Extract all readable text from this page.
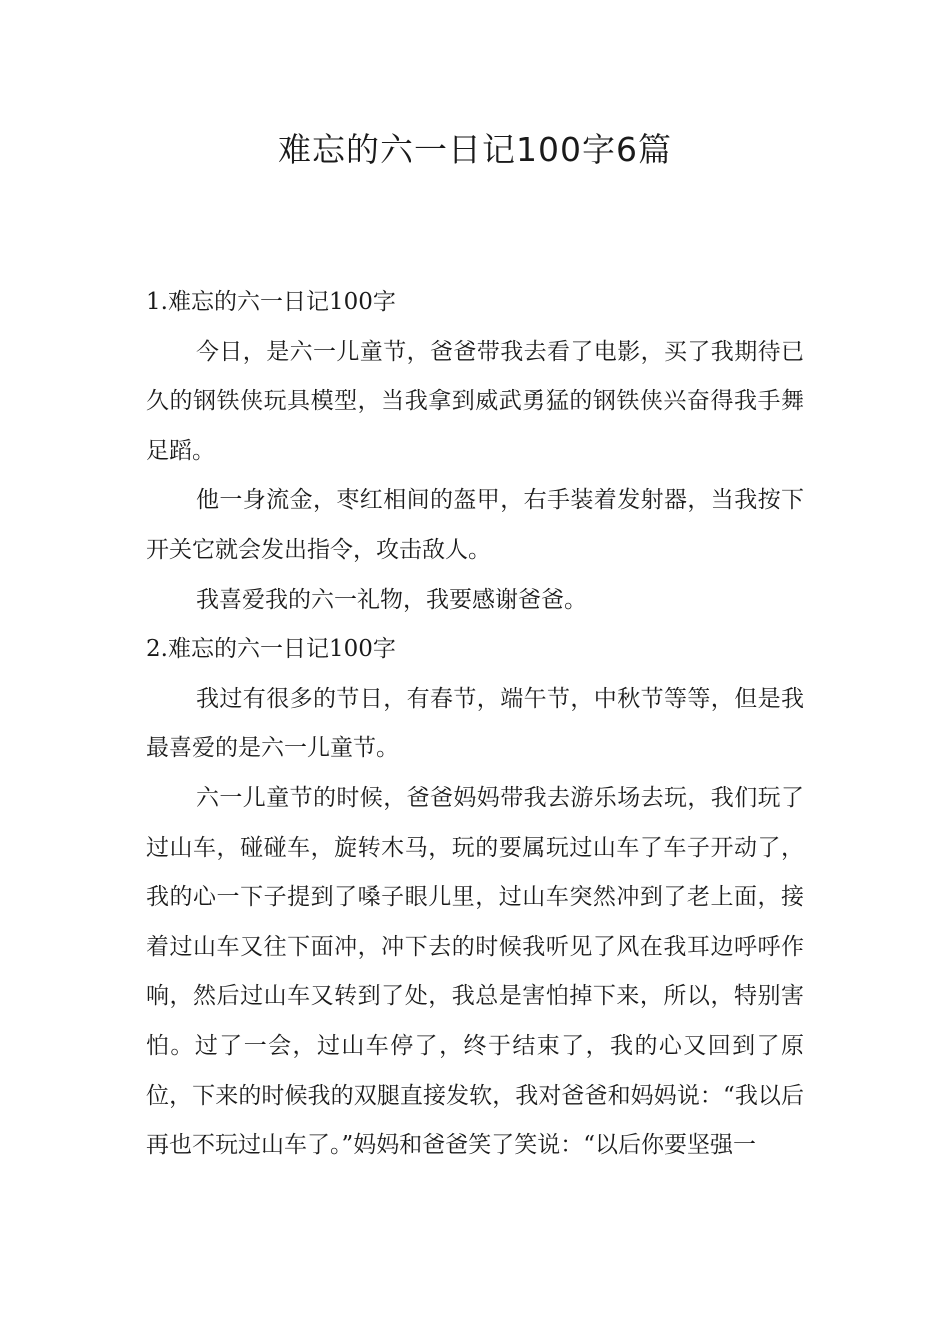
难忘的六一日记100字6篇

1.难忘的六一日记100字

今日，是六一儿童节，爸爸带我去看了电影，买了我期待已久的钢铁侠玩具模型，当我拿到威武勇猛的钢铁侠兴奋得我手舞足蹈。

他一身流金，枣红相间的盔甲，右手装着发射器，当我按下开关它就会发出指令，攻击敌人。

我喜爱我的六一礼物，我要感谢爸爸。

2.难忘的六一日记100字

我过有很多的节日，有春节，端午节，中秋节等等，但是我最喜爱的是六一儿童节。

六一儿童节的时候，爸爸妈妈带我去游乐场去玩，我们玩了过山车，碰碰车，旋转木马，玩的要属玩过山车了车子开动了，我的心一下子提到了嗓子眼儿里，过山车突然冲到了老上面，接着过山车又往下面冲，冲下去的时候我听见了风在我耳边呼呼作响，然后过山车又转到了处，我总是害怕掉下来，所以，特别害怕。过了一会，过山车停了，终于结束了，我的心又回到了原位，下来的时候我的双腿直接发软，我对爸爸和妈妈说：“我以后再也不玩过山车了。”妈妈和爸爸笑了笑说：“以后你要坚强一
